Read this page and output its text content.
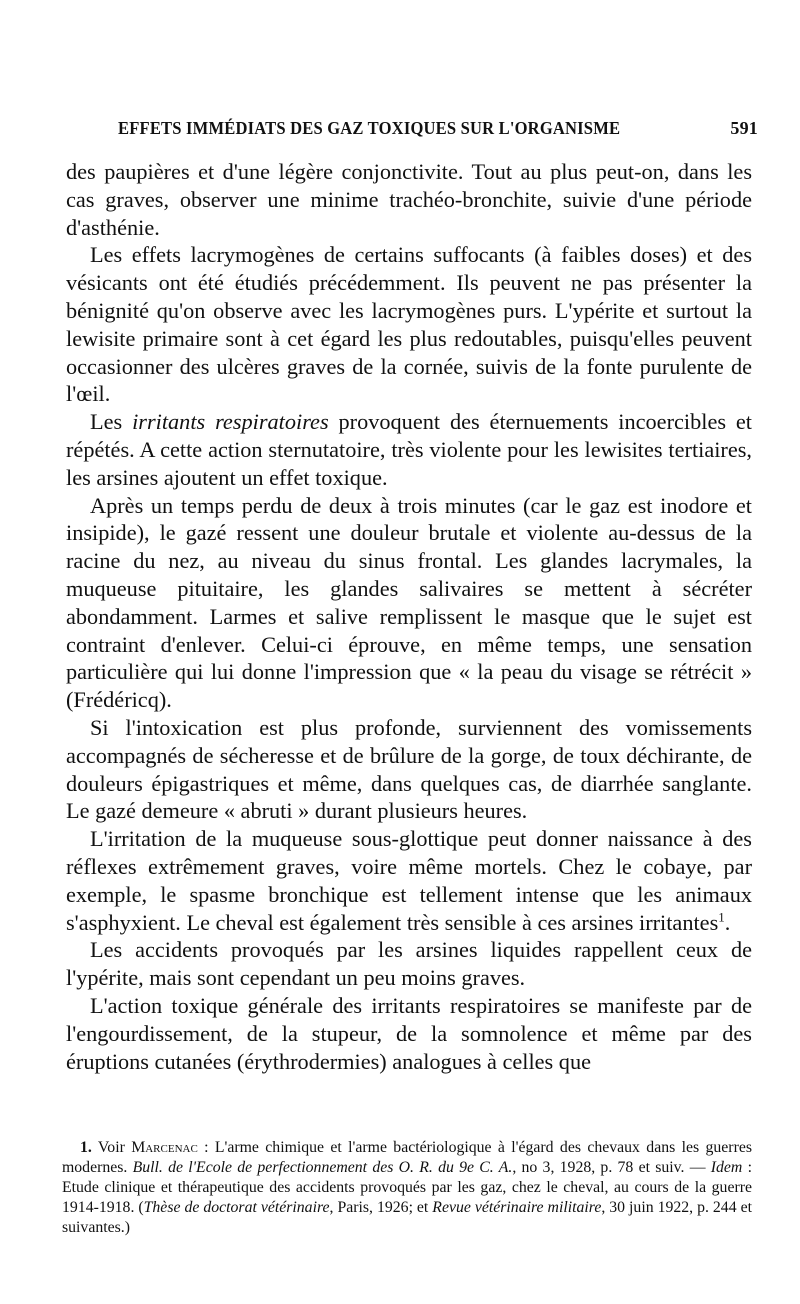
EFFETS IMMÉDIATS DES GAZ TOXIQUES SUR L'ORGANISME	591

des paupières et d'une légère conjonctivite. Tout au plus peut-on, dans les cas graves, observer une minime trachéo-bronchite, suivie d'une période d'asthénie.

Les effets lacrymogènes de certains suffocants (à faibles doses) et des vésicants ont été étudiés précédemment. Ils peuvent ne pas présenter la bénignité qu'on observe avec les lacrymogènes purs. L'ypérite et surtout la lewisite primaire sont à cet égard les plus redoutables, puisqu'elles peuvent occasionner des ulcères graves de la cornée, suivis de la fonte purulente de l'œil.

Les irritants respiratoires provoquent des éternuements incoercibles et répétés. A cette action sternutatoire, très violente pour les lewisites tertiaires, les arsines ajoutent un effet toxique.

Après un temps perdu de deux à trois minutes (car le gaz est inodore et insipide), le gazé ressent une douleur brutale et violente au-dessus de la racine du nez, au niveau du sinus frontal. Les glandes lacrymales, la muqueuse pituitaire, les glandes salivaires se mettent à sécréter abondamment. Larmes et salive remplissent le masque que le sujet est contraint d'enlever. Celui-ci éprouve, en même temps, une sensation particulière qui lui donne l'impression que « la peau du visage se rétrécit » (Frédéricq).

Si l'intoxication est plus profonde, surviennent des vomissements accompagnés de sécheresse et de brûlure de la gorge, de toux déchirante, de douleurs épigastriques et même, dans quelques cas, de diarrhée sanglante. Le gazé demeure « abruti » durant plusieurs heures.

L'irritation de la muqueuse sous-glottique peut donner naissance à des réflexes extrêmement graves, voire même mortels. Chez le cobaye, par exemple, le spasme bronchique est tellement intense que les animaux s'asphyxient. Le cheval est également très sensible à ces arsines irritantes$^1$.

Les accidents provoqués par les arsines liquides rappellent ceux de l'ypérite, mais sont cependant un peu moins graves.

L'action toxique générale des irritants respiratoires se manifeste par de l'engourdissement, de la stupeur, de la somnolence et même par des éruptions cutanées (érythrodermies) analogues à celles que

1. Voir Marcenac : L'arme chimique et l'arme bactériologique à l'égard des chevaux dans les guerres modernes. Bull. de l'Ecole de perfectionnement des O. R. du 9e C. A., no 3, 1928, p. 78 et suiv. — Idem : Etude clinique et thérapeutique des accidents provoqués par les gaz, chez le cheval, au cours de la guerre 1914-1918. (Thèse de doctorat vétérinaire, Paris, 1926; et Revue vétérinaire militaire, 30 juin 1922, p. 244 et suivantes.)
